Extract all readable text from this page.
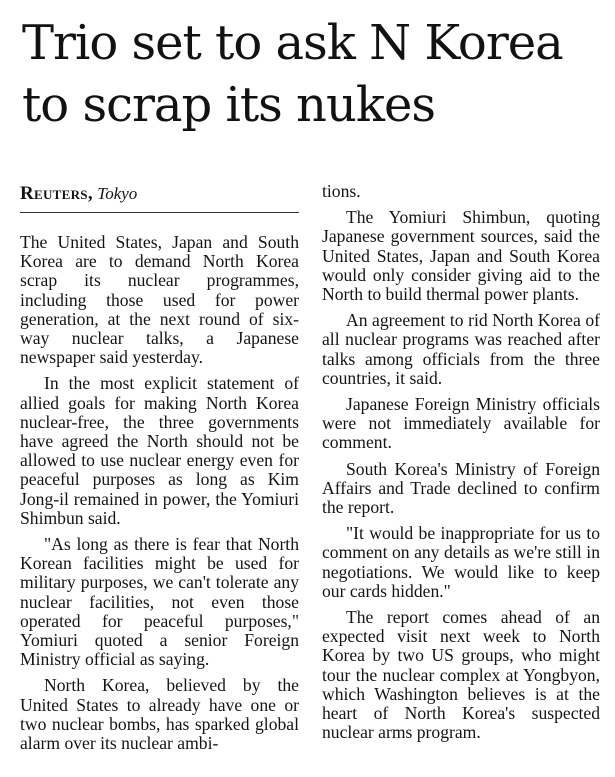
Trio set to ask N Korea
to scrap its nukes
Reuters, Tokyo

The United States, Japan and South Korea are to demand North Korea scrap its nuclear programmes, including those used for power generation, at the next round of six-way nuclear talks, a Japanese newspaper said yesterday.

In the most explicit statement of allied goals for making North Korea nuclear-free, the three governments have agreed the North should not be allowed to use nuclear energy even for peaceful purposes as long as Kim Jong-il remained in power, the Yomiuri Shimbun said.

"As long as there is fear that North Korean facilities might be used for military purposes, we can't tolerate any nuclear facilities, not even those operated for peaceful purposes," Yomiuri quoted a senior Foreign Ministry official as saying.

North Korea, believed by the United States to already have one or two nuclear bombs, has sparked global alarm over its nuclear ambi-

tions.

The Yomiuri Shimbun, quoting Japanese government sources, said the United States, Japan and South Korea would only consider giving aid to the North to build thermal power plants.

An agreement to rid North Korea of all nuclear programs was reached after talks among officials from the three countries, it said.

Japanese Foreign Ministry officials were not immediately available for comment.

South Korea's Ministry of Foreign Affairs and Trade declined to confirm the report.

"It would be inappropriate for us to comment on any details as we're still in negotiations. We would like to keep our cards hidden."

The report comes ahead of an expected visit next week to North Korea by two US groups, who might tour the nuclear complex at Yongbyon, which Washington believes is at the heart of North Korea's suspected nuclear arms program.
